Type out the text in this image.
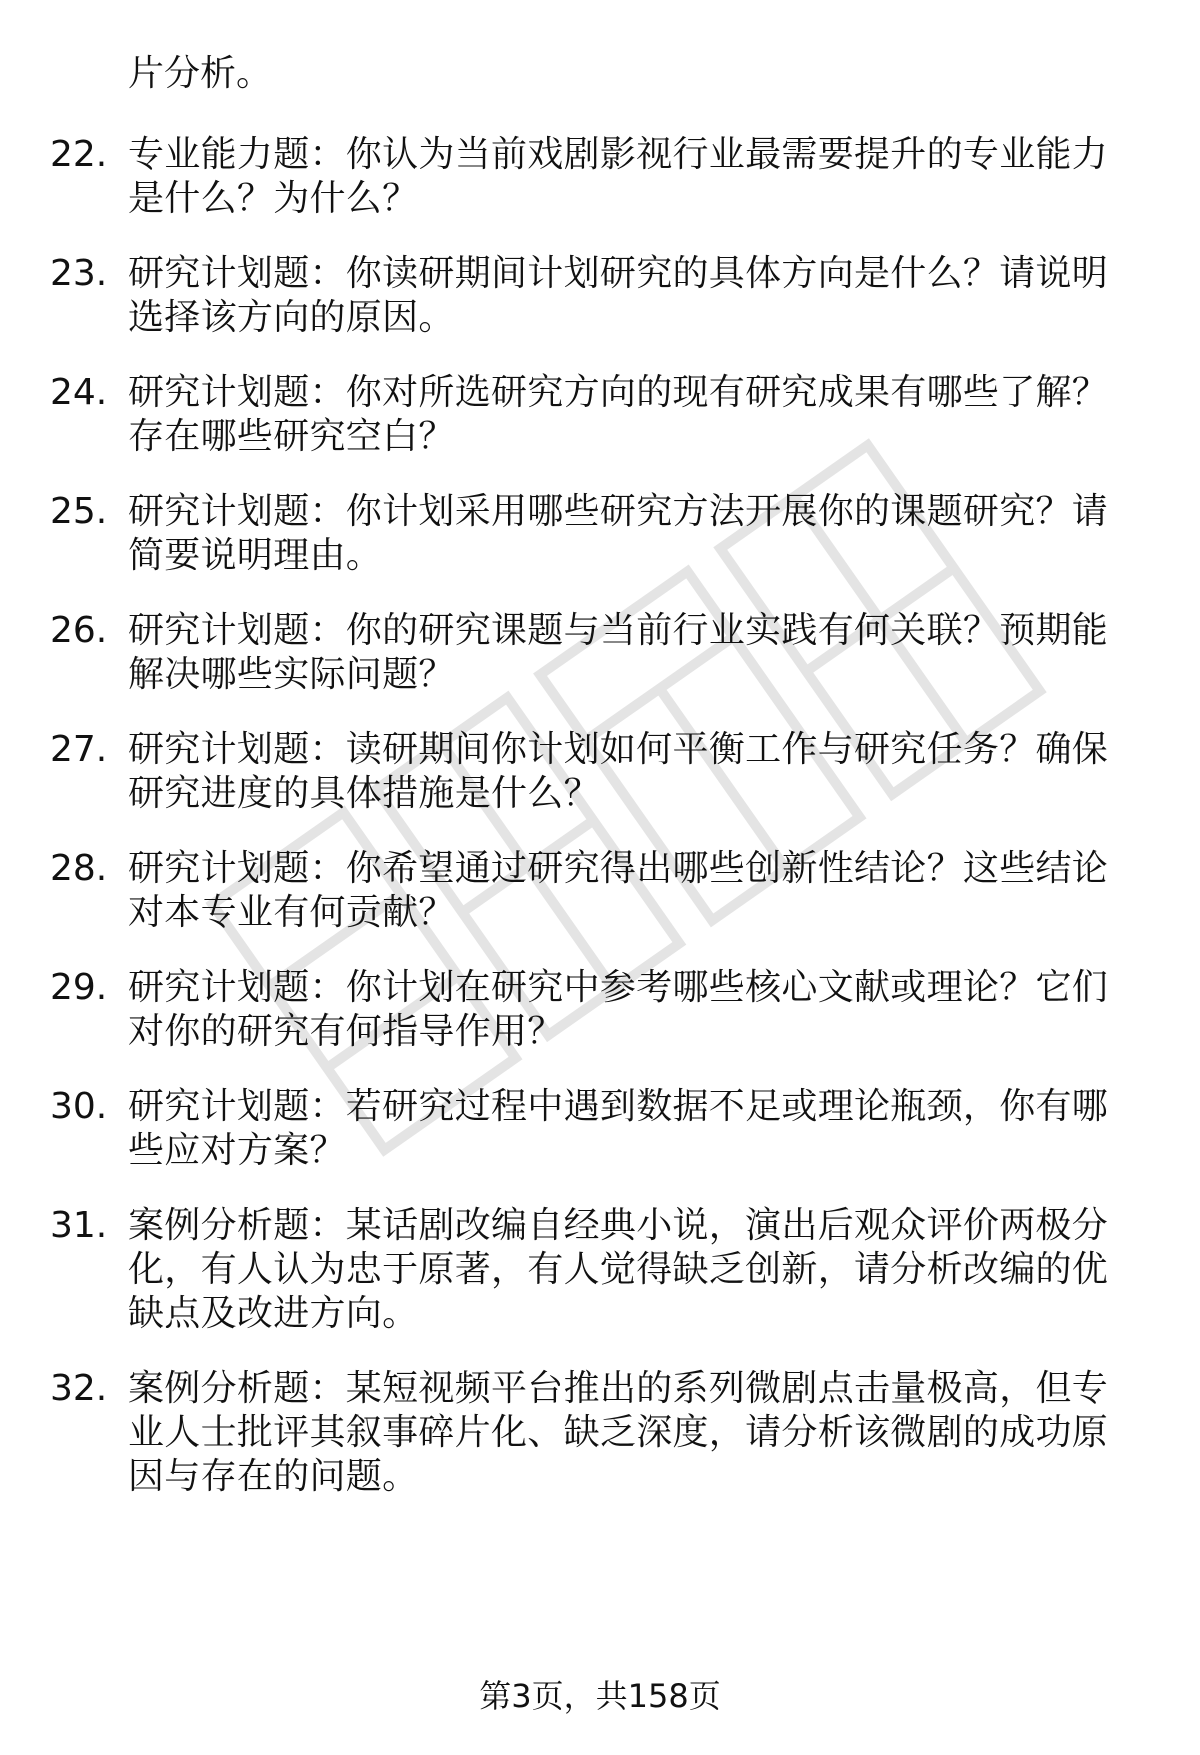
片分析。
22. 专业能力题：你认为当前戏剧影视行业最需要提升的专业能力是什么？为什么？
23. 研究计划题：你读研期间计划研究的具体方向是什么？请说明选择该方向的原因。
24. 研究计划题：你对所选研究方向的现有研究成果有哪些了解？存在哪些研究空白？
25. 研究计划题：你计划采用哪些研究方法开展你的课题研究？请简要说明理由。
26. 研究计划题：你的研究课题与当前行业实践有何关联？预期能解决哪些实际问题？
27. 研究计划题：读研期间你计划如何平衡工作与研究任务？确保研究进度的具体措施是什么？
28. 研究计划题：你希望通过研究得出哪些创新性结论？这些结论对本专业有何贡献？
29. 研究计划题：你计划在研究中参考哪些核心文献或理论？它们对你的研究有何指导作用？
30. 研究计划题：若研究过程中遇到数据不足或理论瓶颈，你有哪些应对方案？
31. 案例分析题：某话剧改编自经典小说，演出后观众评价两极分化，有人认为忠于原著，有人觉得缺乏创新，请分析改编的优缺点及改进方向。
32. 案例分析题：某短视频平台推出的系列微剧点击量极高，但专业人士批评其叙事碎片化、缺乏深度，请分析该微剧的成功原因与存在的问题。
第3页，共158页
